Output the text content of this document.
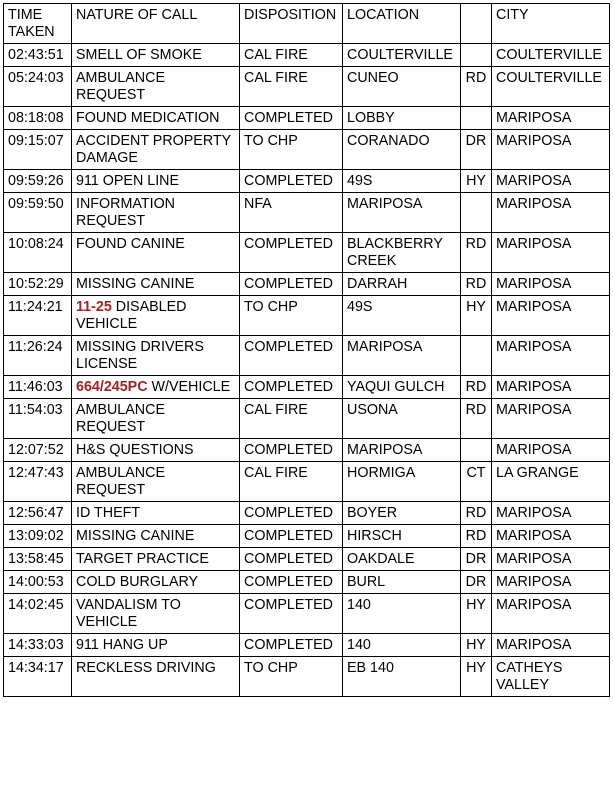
TIME TAKEN	NATURE OF CALL	DISPOSITION	LOCATION		CITY
02:43:51	SMELL OF SMOKE	CAL FIRE	COULTERVILLE		COULTERVILLE
05:24:03	AMBULANCE REQUEST	CAL FIRE	CUNEO	RD	COULTERVILLE
08:18:08	FOUND MEDICATION	COMPLETED	LOBBY		MARIPOSA
09:15:07	ACCIDENT PROPERTY DAMAGE	TO CHP	CORANADO	DR	MARIPOSA
09:59:26	911 OPEN LINE	COMPLETED	49S	HY	MARIPOSA
09:59:50	INFORMATION REQUEST	NFA	MARIPOSA		MARIPOSA
10:08:24	FOUND CANINE	COMPLETED	BLACKBERRY CREEK	RD	MARIPOSA
10:52:29	MISSING CANINE	COMPLETED	DARRAH	RD	MARIPOSA
11:24:21	11-25 DISABLED VEHICLE	TO CHP	49S	HY	MARIPOSA
11:26:24	MISSING DRIVERS LICENSE	COMPLETED	MARIPOSA		MARIPOSA
11:46:03	664/245PC W/VEHICLE	COMPLETED	YAQUI GULCH	RD	MARIPOSA
11:54:03	AMBULANCE REQUEST	CAL FIRE	USONA	RD	MARIPOSA
12:07:52	H&S QUESTIONS	COMPLETED	MARIPOSA		MARIPOSA
12:47:43	AMBULANCE REQUEST	CAL FIRE	HORMIGA	CT	LA GRANGE
12:56:47	ID THEFT	COMPLETED	BOYER	RD	MARIPOSA
13:09:02	MISSING CANINE	COMPLETED	HIRSCH	RD	MARIPOSA
13:58:45	TARGET PRACTICE	COMPLETED	OAKDALE	DR	MARIPOSA
14:00:53	COLD BURGLARY	COMPLETED	BURL	DR	MARIPOSA
14:02:45	VANDALISM TO VEHICLE	COMPLETED	140	HY	MARIPOSA
14:33:03	911 HANG UP	COMPLETED	140	HY	MARIPOSA
14:34:17	RECKLESS DRIVING	TO CHP	EB 140	HY	CATHEYS VALLEY
